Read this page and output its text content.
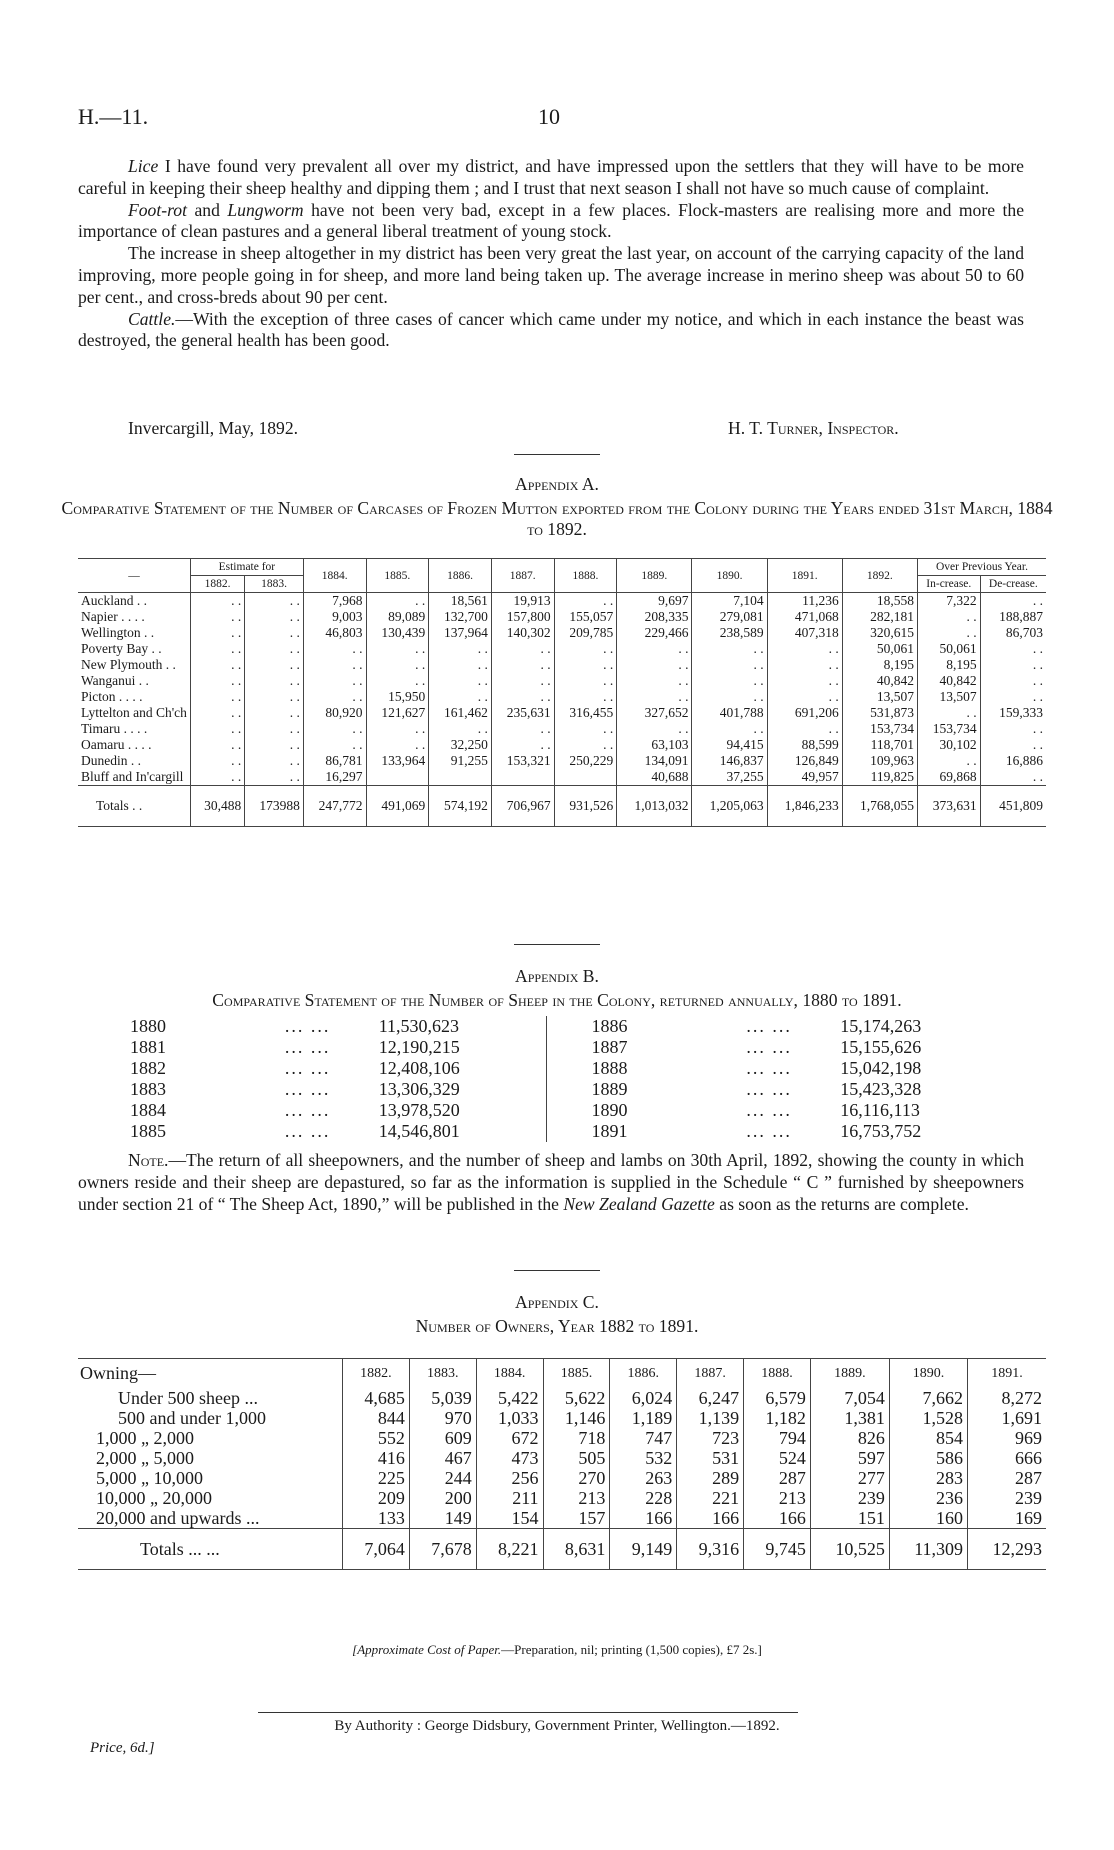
H.—11.	10

Lice I have found very prevalent all over my district, and have impressed upon the settlers that they will have to be more careful in keeping their sheep healthy and dipping them ; and I trust that next season I shall not have so much cause of complaint.

Foot-rot and Lungworm have not been very bad, except in a few places. Flock-masters are realising more and more the importance of clean pastures and a general liberal treatment of young stock.

The increase in sheep altogether in my district has been very great the last year, on account of the carrying capacity of the land improving, more people going in for sheep, and more land being taken up. The average increase in merino sheep was about 50 to 60 per cent., and cross-breds about 90 per cent.

Cattle.—With the exception of three cases of cancer which came under my notice, and which in each instance the beast was destroyed, the general health has been good.

Invercargill, May, 1892.	H. T. Turner, Inspector.
Appendix A.
Comparative Statement of the Number of Carcases of Frozen Mutton exported from the Colony during the Years ended 31st March, 1884 to 1892.
—	Estimate for		1884.	1885.	1886.	1887.	1888.	1889.	1890.	1891.	1892.	Over Previous Year.	
	1882.	1883.										In-crease.	De-crease.
Auckland . .	. .	. .	7,968	. .	18,561	19,913	. .	9,697	7,104	11,236	18,558	7,322	. .
Napier . . . .	. .	. .	9,003	89,089	132,700	157,800	155,057	208,335	279,081	471,068	282,181	. .	188,887
Wellington . .	. .	. .	46,803	130,439	137,964	140,302	209,785	229,466	238,589	407,318	320,615	. .	86,703
Poverty Bay . .	. .	. .	. .	. .	. .	. .	. .	. .	. .	. .	50,061	50,061	. .
New Plymouth . .	. .	. .	. .	. .	. .	. .	. .	. .	. .	. .	8,195	8,195	. .
Wanganui . .	. .	. .	. .	. .	. .	. .	. .	. .	. .	. .	40,842	40,842	. .
Picton . . . .	. .	. .	. .	15,950	. .	. .	. .	. .	. .	. .	13,507	13,507	. .
Lyttelton and Ch'ch	. .	. .	80,920	121,627	161,462	235,631	316,455	327,652	401,788	691,206	531,873	. .	159,333
Timaru . . . .	. .	. .	. .	. .	. .	. .	. .	. .	. .	. .	153,734	153,734	. .
Oamaru . . . .	. .	. .	. .	. .	32,250	. .	. .	63,103	94,415	88,599	118,701	30,102	. .
Dunedin . .	. .	. .	86,781	133,964	91,255	153,321	250,229	134,091	146,837	126,849	109,963	. .	16,886
Bluff and In'cargill	. .	. .	16,297					40,688	37,255	49,957	119,825	69,868	. .
Totals . .	30,488	173988	247,772	491,069	574,192	706,967	931,526	1,013,032	1,205,063	1,846,233	1,768,055	373,631	451,809
Appendix B.
Comparative Statement of the Number of Sheep in the Colony, returned annually, 1880 to 1891.
1880	... ...	11,530,623		1886	... ...	15,174,263
1881	... ...	12,190,215		1887	... ...	15,155,626
1882	... ...	12,408,106		1888	... ...	15,042,198
1883	... ...	13,306,329		1889	... ...	15,423,328
1884	... ...	13,978,520		1890	... ...	16,116,113
1885	... ...	14,546,801		1891	... ...	16,753,752

Note.—The return of all sheepowners, and the number of sheep and lambs on 30th April, 1892, showing the county in which owners reside and their sheep are depastured, so far as the information is supplied in the Schedule “ C ” furnished by sheepowners under section 21 of “ The Sheep Act, 1890,” will be published in the New Zealand Gazette as soon as the returns are complete.

Appendix C.
Number of Owners, Year 1882 to 1891.
Owning—	1882.	1883.	1884.	1885.	1886.	1887.	1888.	1889.	1890.	1891.
Under 500 sheep ...	4,685	5,039	5,422	5,622	6,024	6,247	6,579	7,054	7,662	8,272
500 and under 1,000	844	970	1,033	1,146	1,189	1,139	1,182	1,381	1,528	1,691
1,000 „ 2,000	552	609	672	718	747	723	794	826	854	969
2,000 „ 5,000	416	467	473	505	532	531	524	597	586	666
5,000 „ 10,000	225	244	256	270	263	289	287	277	283	287
10,000 „ 20,000	209	200	211	213	228	221	213	239	236	239
20,000 and upwards ...	133	149	154	157	166	166	166	151	160	169
Totals ... ...	7,064	7,678	8,221	8,631	9,149	9,316	9,745	10,525	11,309	12,293
[Approximate Cost of Paper.—Preparation, nil; printing (1,500 copies), £7 2s.]
By Authority : George Didsbury, Government Printer, Wellington.—1892.
Price, 6d.]
